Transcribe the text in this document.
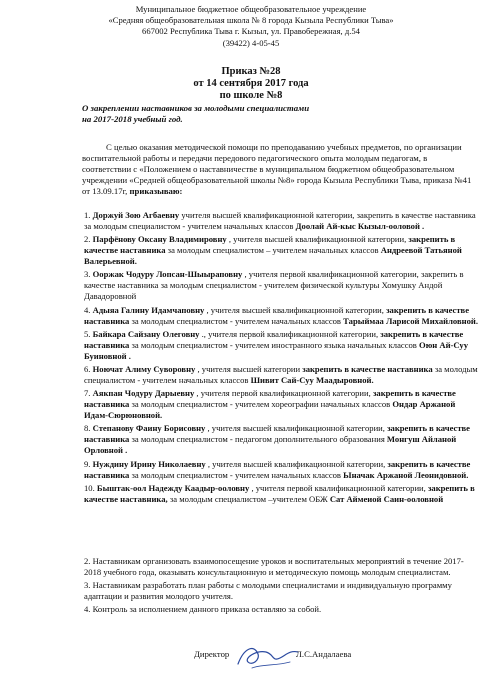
Муниципальное бюджетное общеобразовательное учреждение
«Средняя общеобразовательная школа № 8 города Кызыла Республики Тыва»
667002 Республика Тыва г. Кызыл, ул. Правобережная, д.54
(39422) 4-05-45
Приказ №28
от 14 сентября 2017 года
по школе №8
О закреплении наставников за молодыми специалистами
на 2017-2018 учебный год.
С целью оказания методической помощи по преподаванию учебных предметов, по организации воспитательной работы и передачи передового педагогического опыта молодым педагогам, в соответствии с «Положением о наставничестве в муниципальном бюджетном общеобразовательном учреждении «Средней общеобразовательной школы №8» города Кызыла Республики Тыва, приказа №41 от 13.09.17г, приказываю:
1. Доржуй Зою Агбаевну учителя высшей квалификационной категории, закрепить в качестве наставника за молодым специалистом - учителем начальных классов Доолай Ай-кыс Кызыл-ооловой .
2. Парфёнову Оксану Владимировну , учителя высшей квалификационной категории, закрепить в качестве наставника за молодым специалистом – учителем начальных классов Андреевой Татьяной Валерьевной.
3. Ооржак Чодуру Лопсан-Шыыраповну , учителя первой квалификационной категории, закрепить в качестве наставника за молодым специалистом - учителем физической культуры Хомушку Андой Давадоровной
4. Адыяа Галину Идамчаповну , учителя высшей квалификационной категории, закрепить в качестве наставника за молодым специалистом - учителем начальных классов Тарыймаа Ларисой Михайловной.
5. Байкара Сайзану Олеговну ., учителя первой квалификационной категории, закрепить в качестве наставника за молодым специалистом - учителем иностранного языка начальных классов Оюн Ай-Суу Буиновной .
6. Ноючат Алиму Суворовну , учителя высшей категории закрепить в качестве наставника за молодым специалистом - учителем начальных классов Шивит Сай-Суу Маадыровной.
7. Аякпан Чодуру Дарыевну , учителя первой квалификационной категории, закрепить в качестве наставника за молодым специалистом - учителем хореографии начальных классов Ондар Аржаной Идам-Сюрюновной.
8. Степанову Фаину Борисовну , учителя высшей квалификационной категории, закрепить в качестве наставника за молодым специалистом - педагогом дополнительного образования Монгуш Айланой Орловной .
9. Нуждину Ирину Николаевну , учителя высшей квалификационной категории, закрепить в качестве наставника за молодым специалистом - учителем начальных классов Ыначак Аржаной Леонидовной.
10. Быштак-оол Надежду Каадыр-ооловну , учителя первой квалификационной категории, закрепить в качестве наставника, за молодым специалистом –учителем ОБЖ Сат Аймеиой Саин-ооловной
2. Наставникам организовать взаимопосещение уроков и воспитательных мероприятий в течение 2017-2018 учебного года, оказывать консультационную и методическую помощь молодым специалистам.
3. Наставникам разработать план работы с молодыми специалистами и индивидуальную программу адаптации и развития молодого учителя.
4. Контроль за исполнением данного приказа оставляю за собой.
Директор	Л.С.Андалаева
